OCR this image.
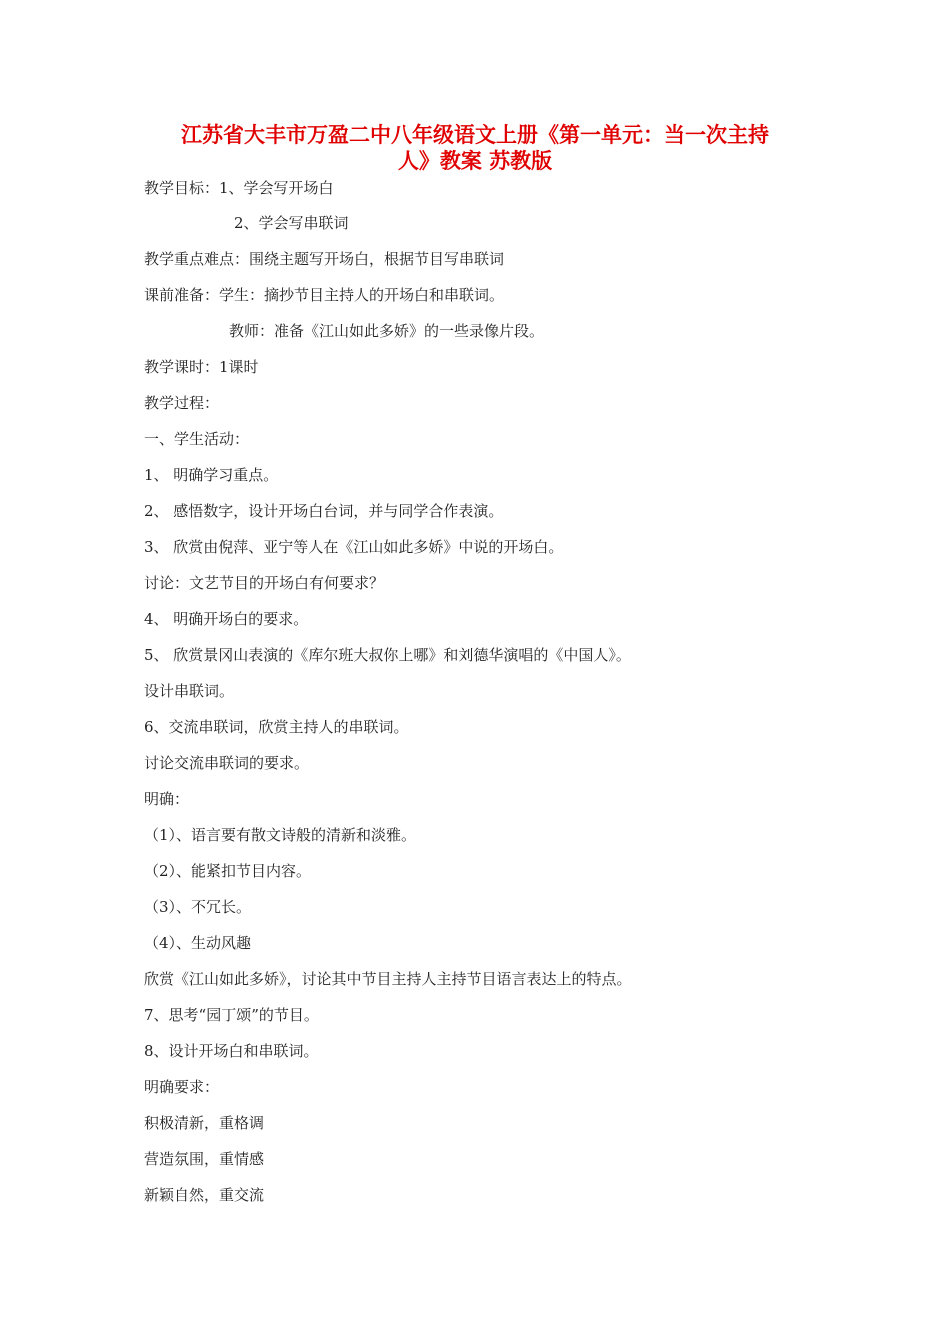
江苏省大丰市万盈二中八年级语文上册《第一单元：当一次主持
人》教案 苏教版
教学目标：1、学会写开场白
2、学会写串联词
教学重点难点：围绕主题写开场白，根据节目写串联词
课前准备：学生：摘抄节目主持人的开场白和串联词。
教师：准备《江山如此多娇》的一些录像片段。
教学课时：1课时
教学过程：
一、学生活动：
1、 明确学习重点。
2、 感悟数字，设计开场白台词，并与同学合作表演。
3、 欣赏由倪萍、亚宁等人在《江山如此多娇》中说的开场白。
讨论：文艺节目的开场白有何要求？
4、 明确开场白的要求。
5、 欣赏景冈山表演的《库尔班大叔你上哪》和刘德华演唱的《中国人》。
设计串联词。
6、交流串联词，欣赏主持人的串联词。
讨论交流串联词的要求。
明确：
（1）、语言要有散文诗般的清新和淡雅。
（2）、能紧扣节目内容。
（3）、不冗长。
（4）、生动风趣
欣赏《江山如此多娇》，讨论其中节目主持人主持节目语言表达上的特点。
7、思考“园丁颂”的节目。
8、设计开场白和串联词。
明确要求：
积极清新，重格调
营造氛围，重情感
新颖自然，重交流
